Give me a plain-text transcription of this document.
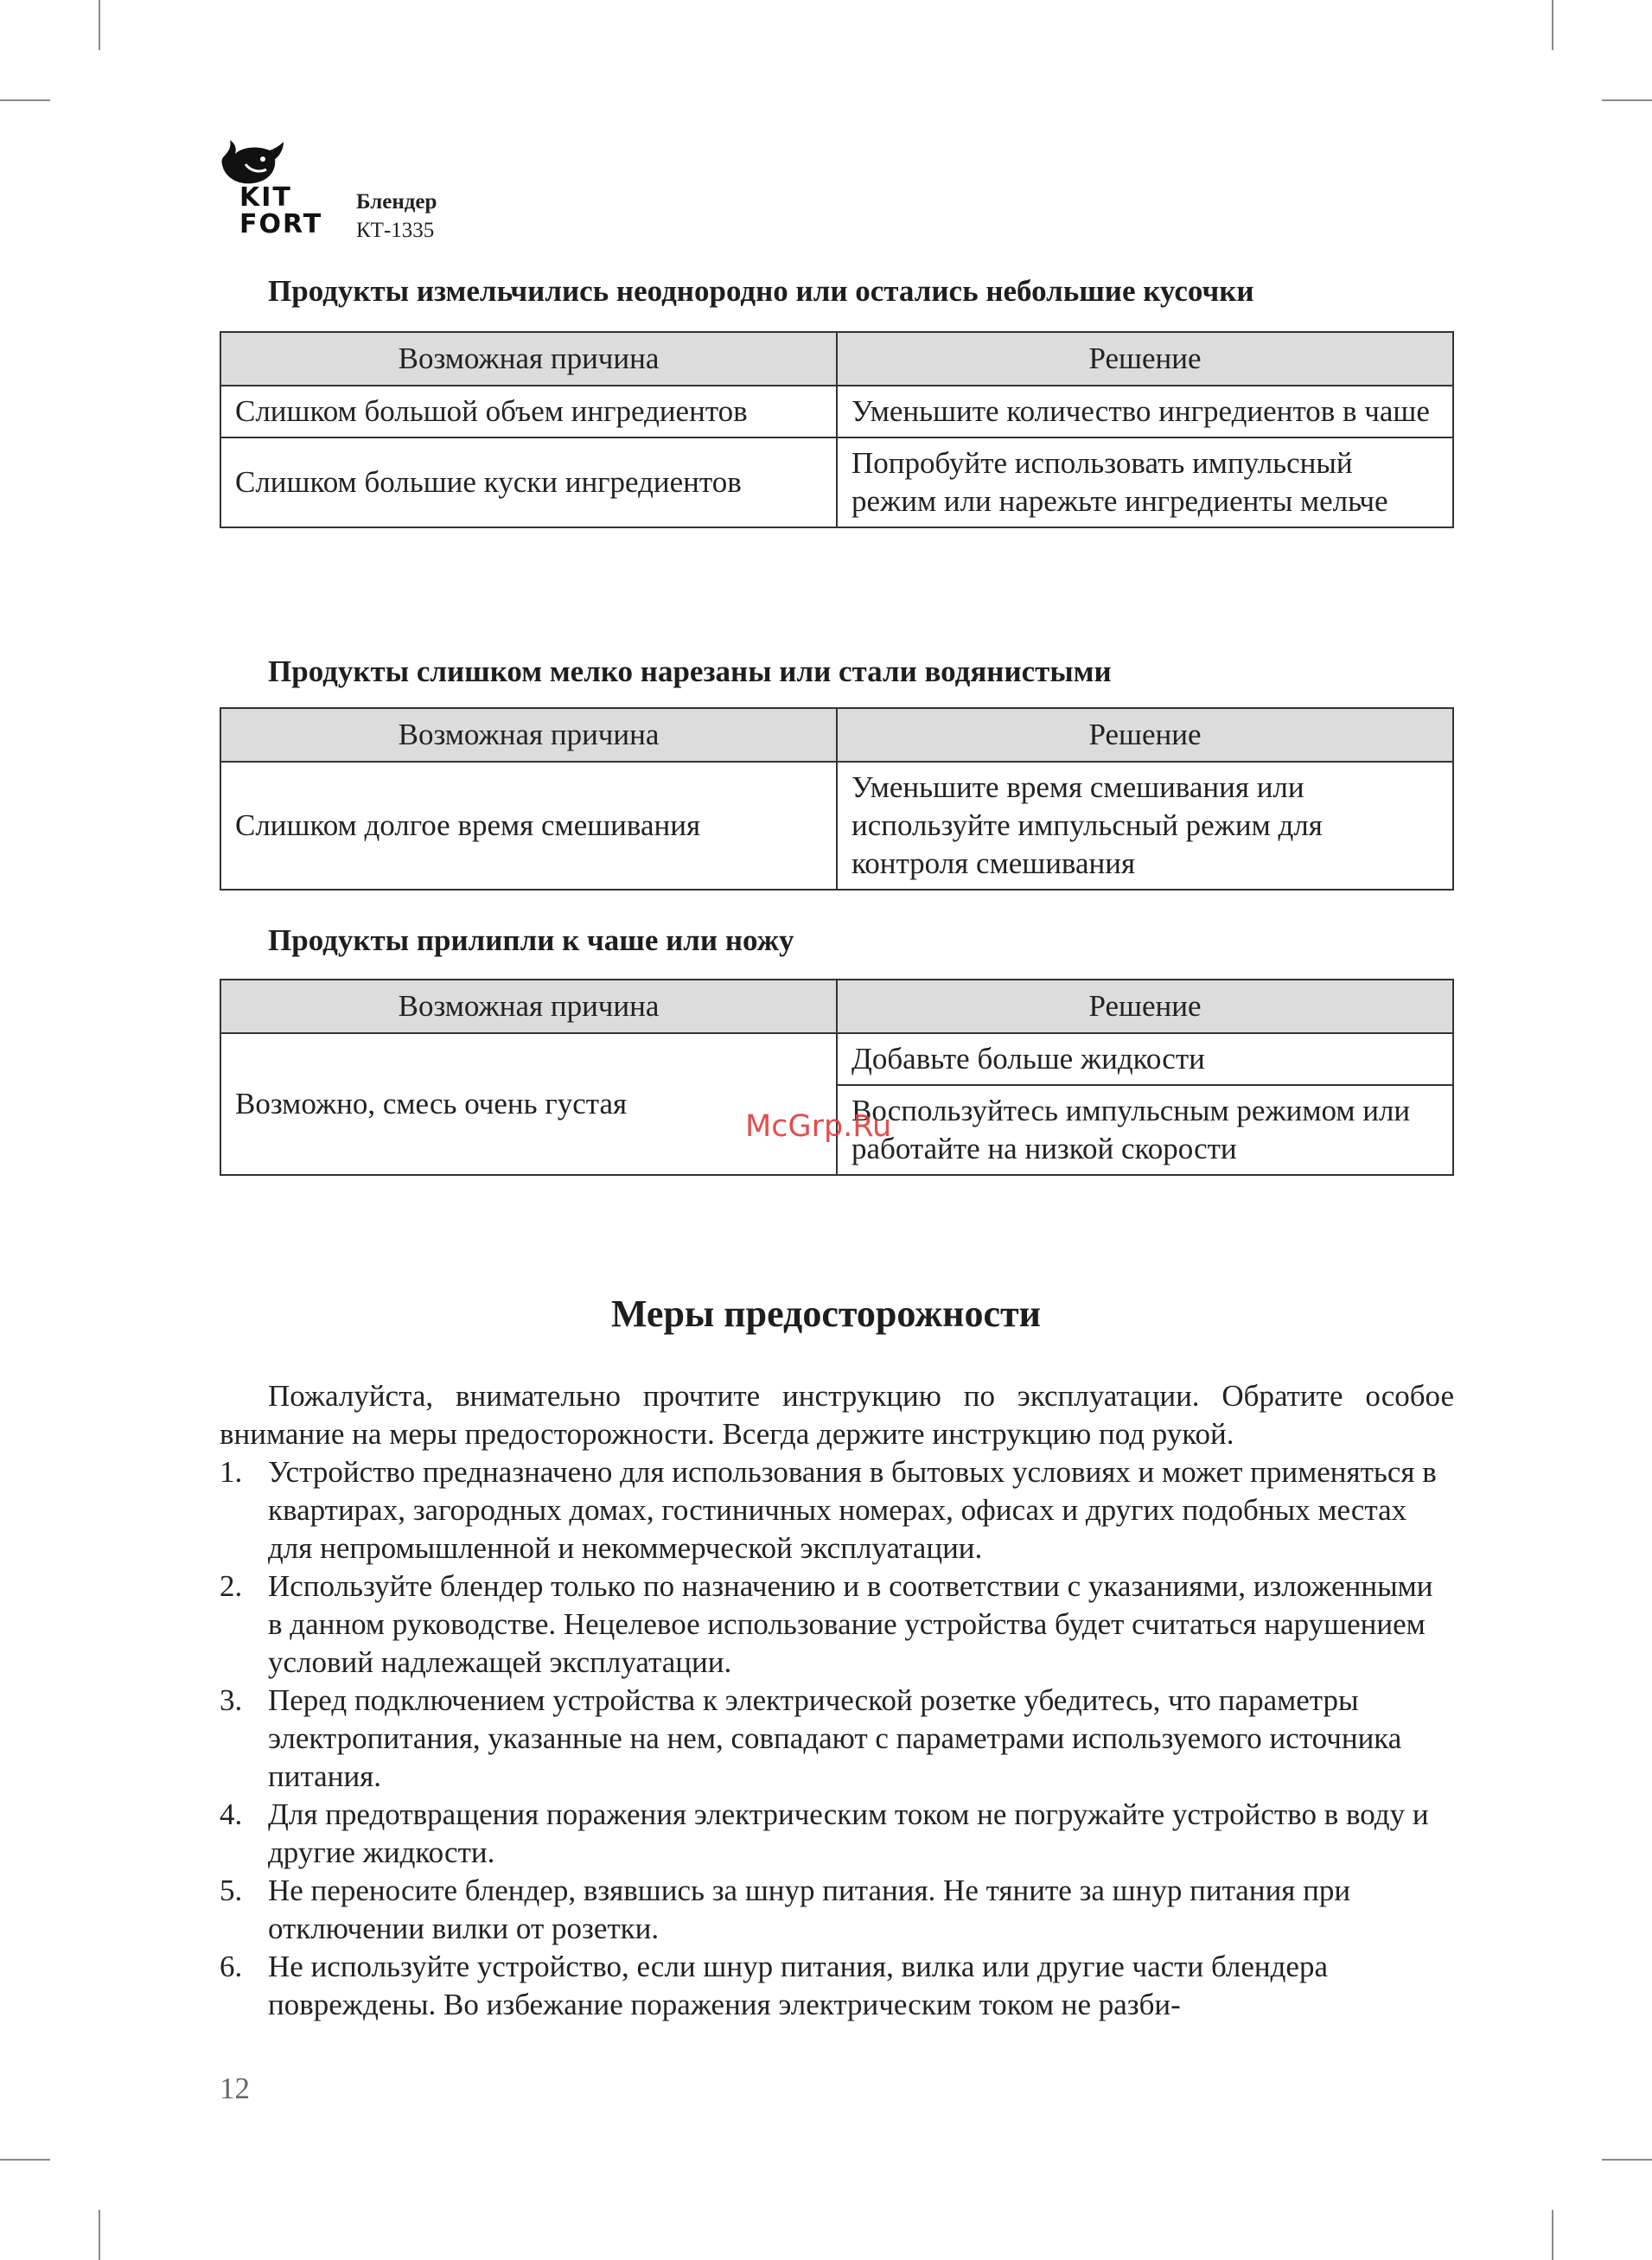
KIT FORT
Блендер
КТ-1335
Продукты измельчились неоднородно или остались небольшие кусочки
Возможная причина	Решение
Слишком большой объем ингредиентов	Уменьшите количество ингредиентов в чаше
Слишком большие куски ингредиентов	Попробуйте использовать импульсный режим или нарежьте ингредиенты мельче
Продукты слишком мелко нарезаны или стали водянистыми
Возможная причина	Решение
Слишком долгое время смешивания	Уменьшите время смешивания или используйте импульсный режим для контроля смешивания
Продукты прилипли к чаше или ножу
Возможная причина	Решение
Возможно, смесь очень густая	Добавьте больше жидкости
	Воспользуйтесь импульсным режимом или работайте на низкой скорости
McGrp.Ru
Меры предосторожности

Пожалуйста, внимательно прочтите инструкцию по эксплуатации. Обратите особое внимание на меры предосторожности. Всегда держите инструкцию под рукой.

1. Устройство предназначено для использования в бытовых условиях и может применяться в квартирах, загородных домах, гостиничных номерах, офисах и других подобных местах для непромышленной и некоммерческой эксплуатации.
2. Используйте блендер только по назначению и в соответствии с указаниями, изложенными в данном руководстве. Нецелевое использование устройства будет считаться нарушением условий надлежащей эксплуатации.
3. Перед подключением устройства к электрической розетке убедитесь, что параметры электропитания, указанные на нем, совпадают с параметрами используемого источника питания.
4. Для предотвращения поражения электрическим током не погружайте устройство в воду и другие жидкости.
5. Не переносите блендер, взявшись за шнур питания. Не тяните за шнур питания при отключении вилки от розетки.
6. Не используйте устройство, если шнур питания, вилка или другие части блендера повреждены. Во избежание поражения электрическим током не разби-
12
